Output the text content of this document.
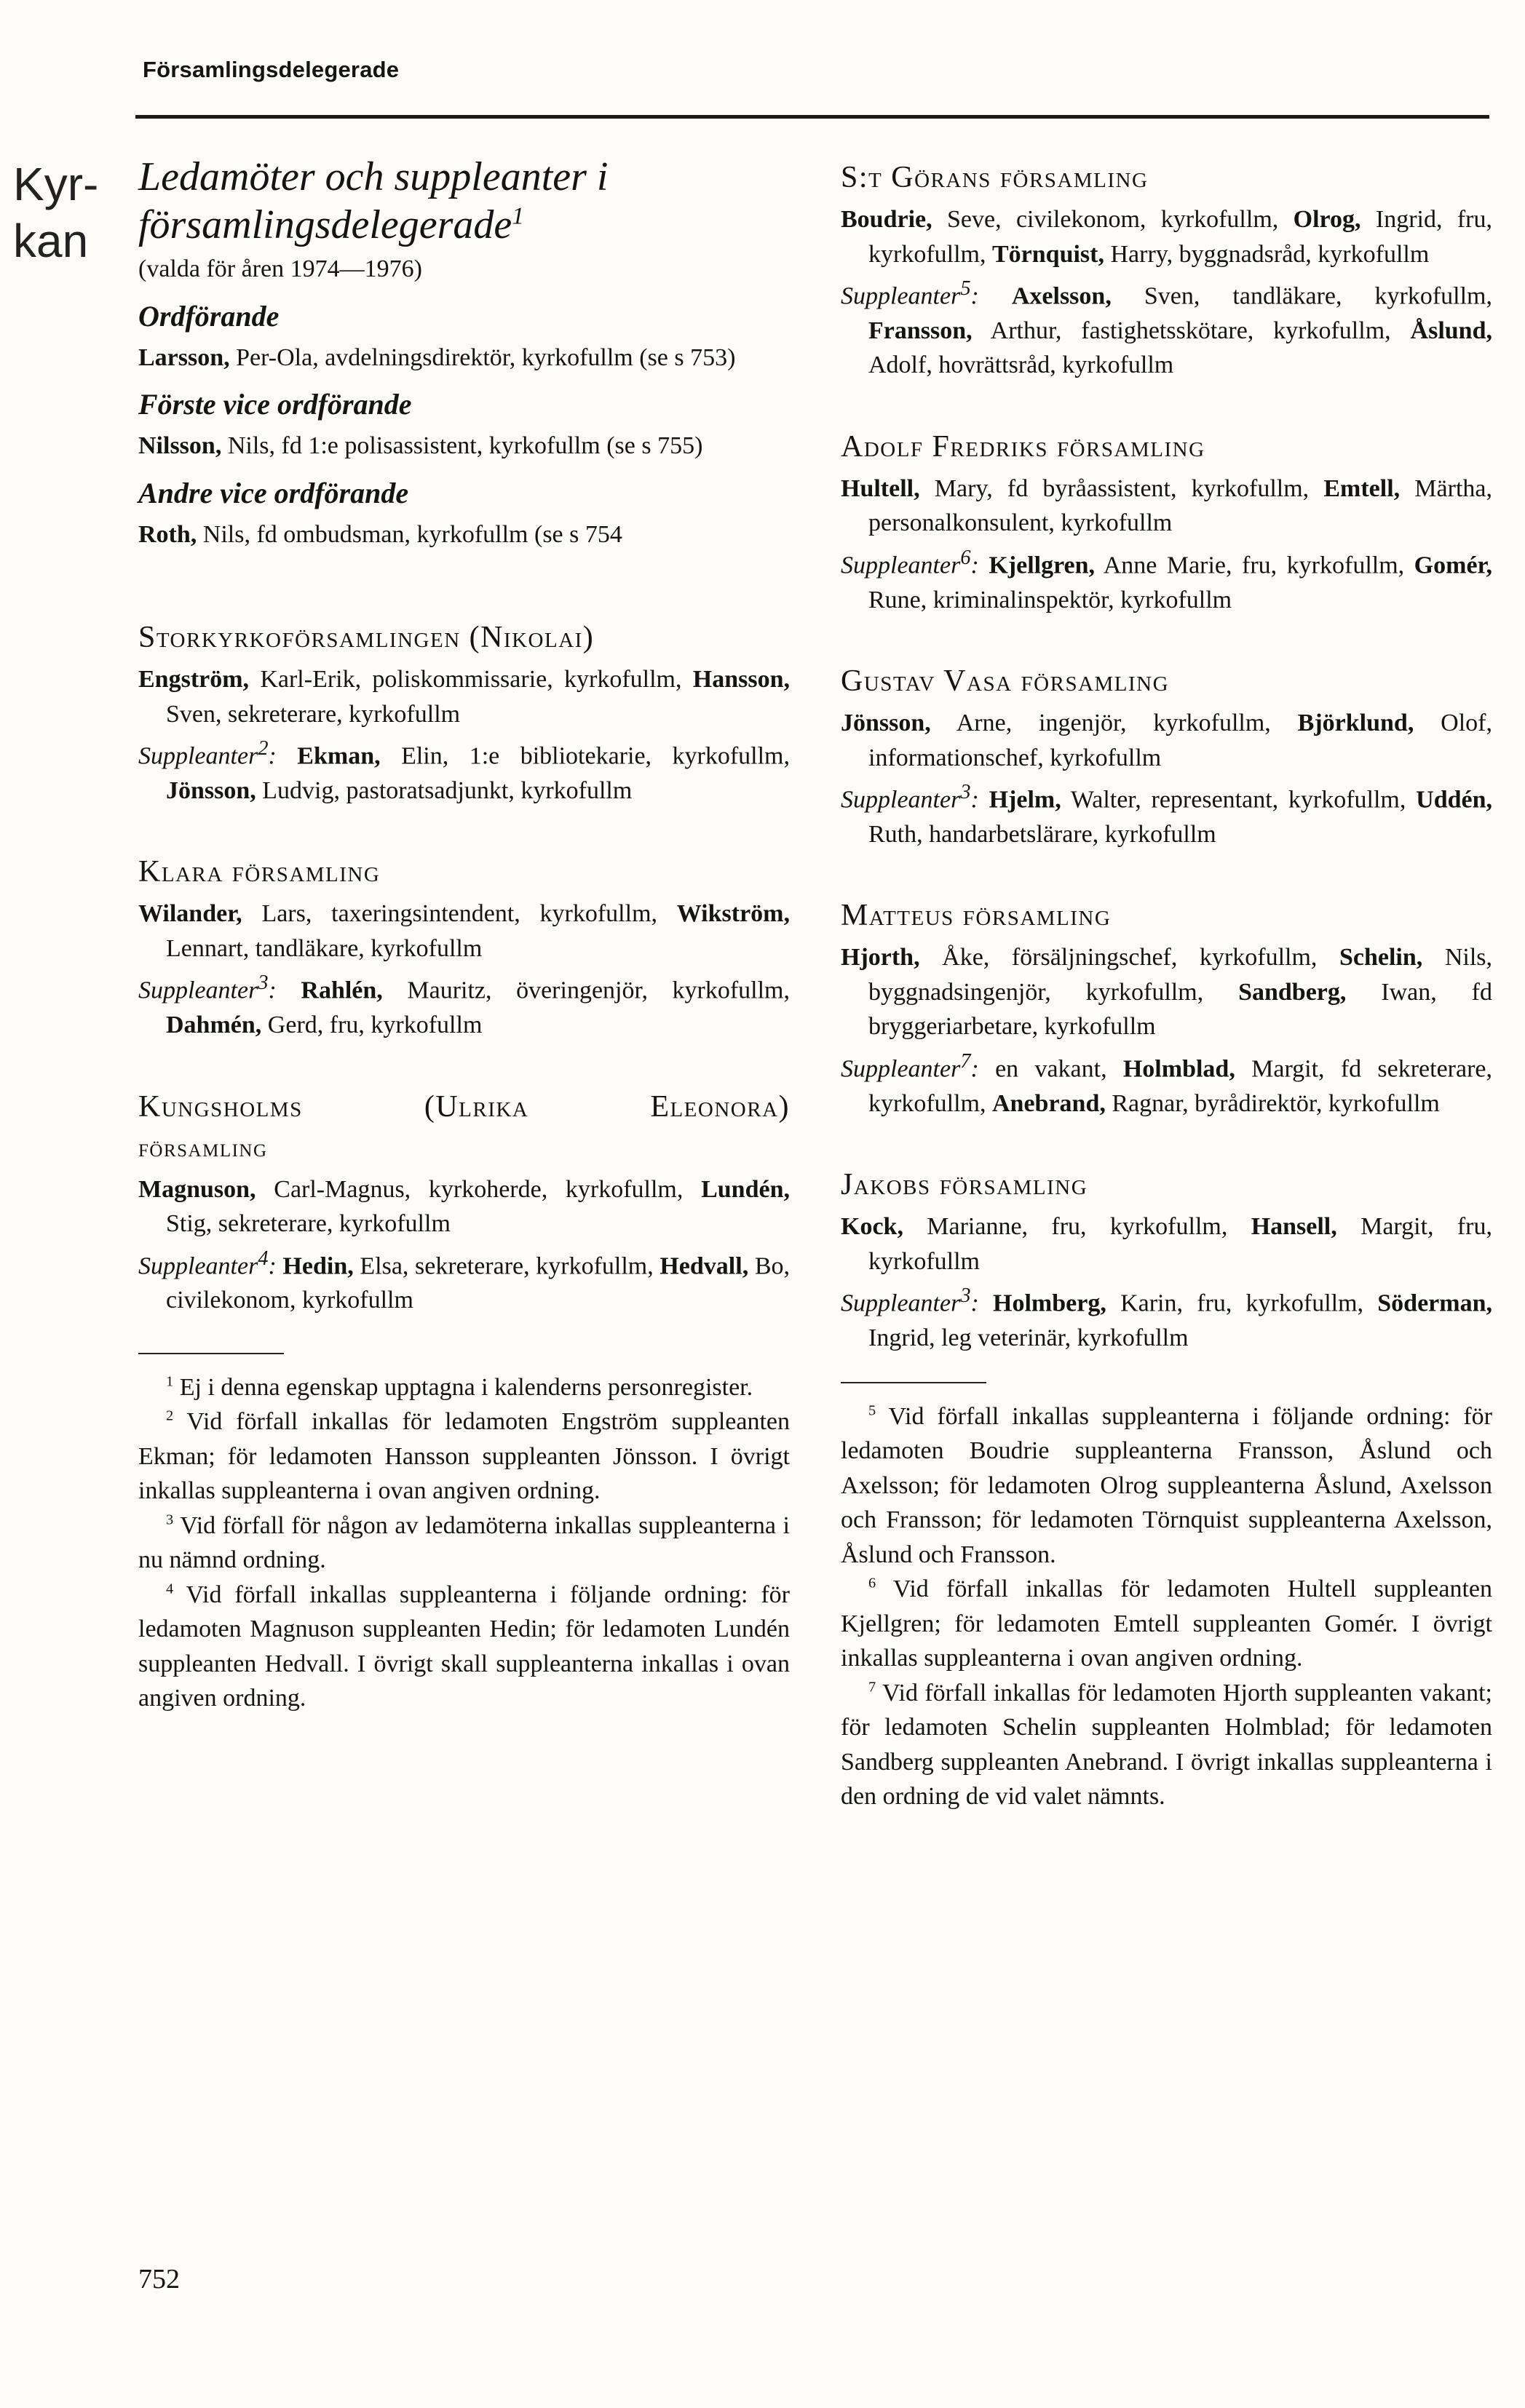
Församlingsdelegerade
Kyr-
kan
Ledamöter och suppleanter i
församlingsdelegerade$^1$

(valda för åren 1974—1976)

Ordförande

Larsson, Per-Ola, avdelningsdirektör, kyrkofullm (se s 753)

Förste vice ordförande

Nilsson, Nils, fd 1:e polisassistent, kyrkofullm (se s 755)

Andre vice ordförande

Roth, Nils, fd ombudsman, kyrkofullm (se s 754

Storkyrkoförsamlingen (Nikolai)

Engström, Karl-Erik, poliskommissarie, kyrkofullm, Hansson, Sven, sekreterare, kyrkofullm

Suppleanter$^2$: Ekman, Elin, 1:e bibliotekarie, kyrkofullm, Jönsson, Ludvig, pastoratsadjunkt, kyrkofullm

Klara församling

Wilander, Lars, taxeringsintendent, kyrkofullm, Wikström, Lennart, tandläkare, kyrkofullm

Suppleanter$^3$: Rahlén, Mauritz, överingenjör, kyrkofullm, Dahmén, Gerd, fru, kyrkofullm

Kungsholms (Ulrika Eleonora)
församling

Magnuson, Carl-Magnus, kyrkoherde, kyrkofullm, Lundén, Stig, sekreterare, kyrkofullm

Suppleanter$^4$: Hedin, Elsa, sekreterare, kyrkofullm, Hedvall, Bo, civilekonom, kyrkofullm

$^1$ Ej i denna egenskap upptagna i kalenderns personregister.

$^2$ Vid förfall inkallas för ledamoten Engström suppleanten Ekman; för ledamoten Hansson suppleanten Jönsson. I övrigt inkallas suppleanterna i ovan angiven ordning.

$^3$ Vid förfall för någon av ledamöterna inkallas suppleanterna i nu nämnd ordning.

$^4$ Vid förfall inkallas suppleanterna i följande ordning: för ledamoten Magnuson suppleanten Hedin; för ledamoten Lundén suppleanten Hedvall. I övrigt skall suppleanterna inkallas i ovan angiven ordning.

S:t Görans församling

Boudrie, Seve, civilekonom, kyrkofullm, Olrog, Ingrid, fru, kyrkofullm, Törnquist, Harry, byggnadsråd, kyrkofullm

Suppleanter$^5$: Axelsson, Sven, tandläkare, kyrkofullm, Fransson, Arthur, fastighetsskötare, kyrkofullm, Åslund, Adolf, hovrättsråd, kyrkofullm

Adolf Fredriks församling

Hultell, Mary, fd byråassistent, kyrkofullm, Emtell, Märtha, personalkonsulent, kyrkofullm

Suppleanter$^6$: Kjellgren, Anne Marie, fru, kyrkofullm, Gomér, Rune, kriminalinspektör, kyrkofullm

Gustav Vasa församling

Jönsson, Arne, ingenjör, kyrkofullm, Björklund, Olof, informationschef, kyrkofullm

Suppleanter$^3$: Hjelm, Walter, representant, kyrkofullm, Uddén, Ruth, handarbetslärare, kyrkofullm

Matteus församling

Hjorth, Åke, försäljningschef, kyrkofullm, Schelin, Nils, byggnadsingenjör, kyrkofullm, Sandberg, Iwan, fd bryggeriarbetare, kyrkofullm

Suppleanter$^7$: en vakant, Holmblad, Margit, fd sekreterare, kyrkofullm, Anebrand, Ragnar, byrådirektör, kyrkofullm

Jakobs församling

Kock, Marianne, fru, kyrkofullm, Hansell, Margit, fru, kyrkofullm

Suppleanter$^3$: Holmberg, Karin, fru, kyrkofullm, Söderman, Ingrid, leg veterinär, kyrkofullm

$^5$ Vid förfall inkallas suppleanterna i följande ordning: för ledamoten Boudrie suppleanterna Fransson, Åslund och Axelsson; för ledamoten Olrog suppleanterna Åslund, Axelsson och Fransson; för ledamoten Törnquist suppleanterna Axelsson, Åslund och Fransson.

$^6$ Vid förfall inkallas för ledamoten Hultell suppleanten Kjellgren; för ledamoten Emtell suppleanten Gomér. I övrigt inkallas suppleanterna i ovan angiven ordning.

$^7$ Vid förfall inkallas för ledamoten Hjorth suppleanten vakant; för ledamoten Schelin suppleanten Holmblad; för ledamoten Sandberg suppleanten Anebrand. I övrigt inkallas suppleanterna i den ordning de vid valet nämnts.

752
